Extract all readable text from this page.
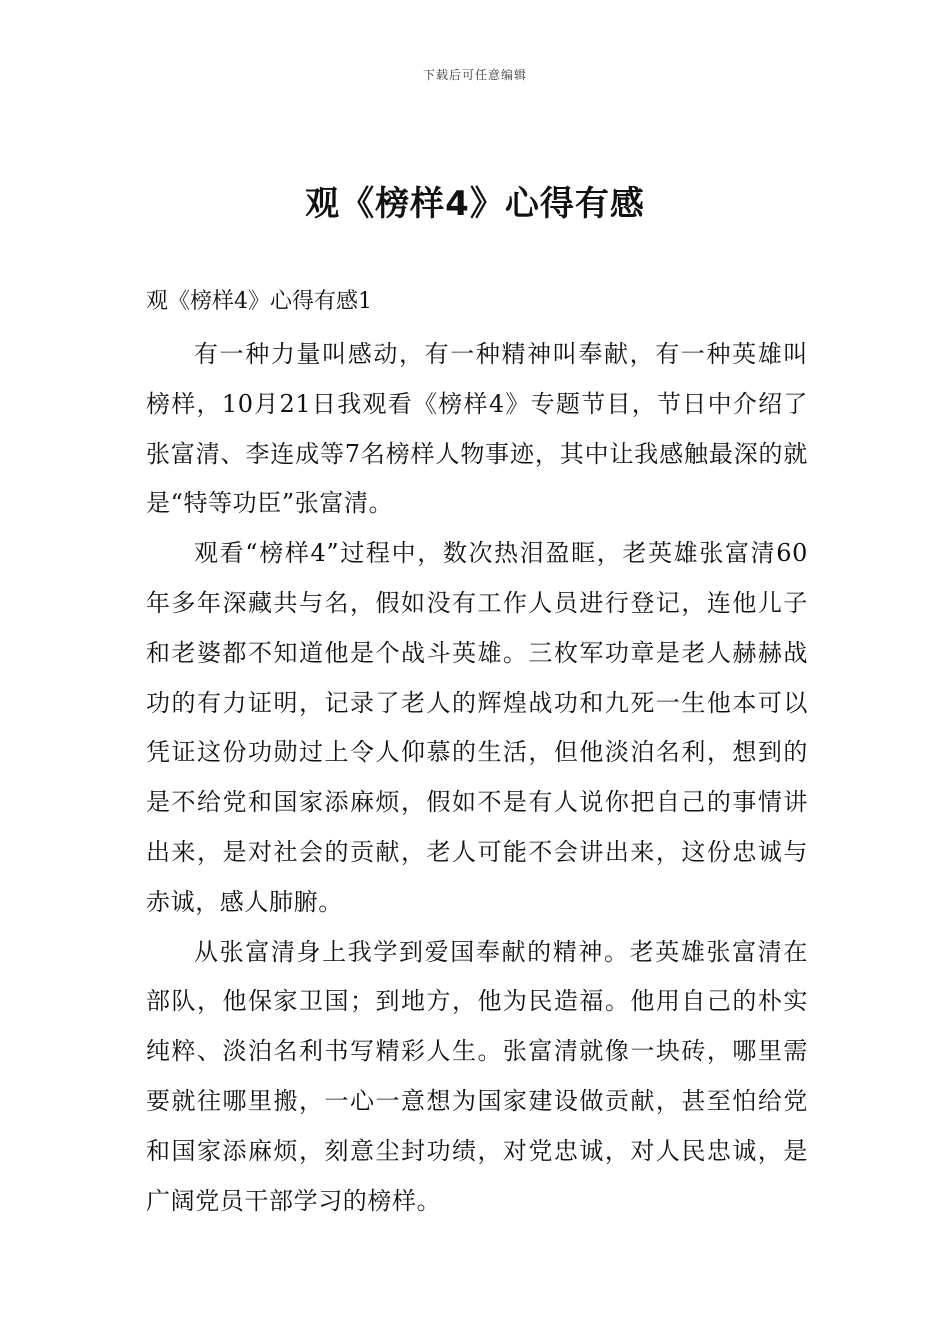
下载后可任意编辑
观《榜样4》心得有感

观《榜样4》心得有感1

有一种力量叫感动，有一种精神叫奉献，有一种英雄叫榜样，10月21日我观看《榜样4》专题节目，节日中介绍了张富清、李连成等7名榜样人物事迹，其中让我感触最深的就是“特等功臣”张富清。

观看“榜样4”过程中，数次热泪盈眶，老英雄张富清60年多年深藏共与名，假如没有工作人员进行登记，连他儿子和老婆都不知道他是个战斗英雄。三枚军功章是老人赫赫战功的有力证明，记录了老人的辉煌战功和九死一生他本可以凭证这份功勋过上令人仰慕的生活，但他淡泊名利，想到的是不给党和国家添麻烦，假如不是有人说你把自己的事情讲出来，是对社会的贡献，老人可能不会讲出来，这份忠诚与赤诚，感人肺腑。

从张富清身上我学到爱国奉献的精神。老英雄张富清在部队，他保家卫国；到地方，他为民造福。他用自己的朴实纯粹、淡泊名利书写精彩人生。张富清就像一块砖，哪里需要就往哪里搬，一心一意想为国家建设做贡献，甚至怕给党和国家添麻烦，刻意尘封功绩，对党忠诚，对人民忠诚，是广阔党员干部学习的榜样。
